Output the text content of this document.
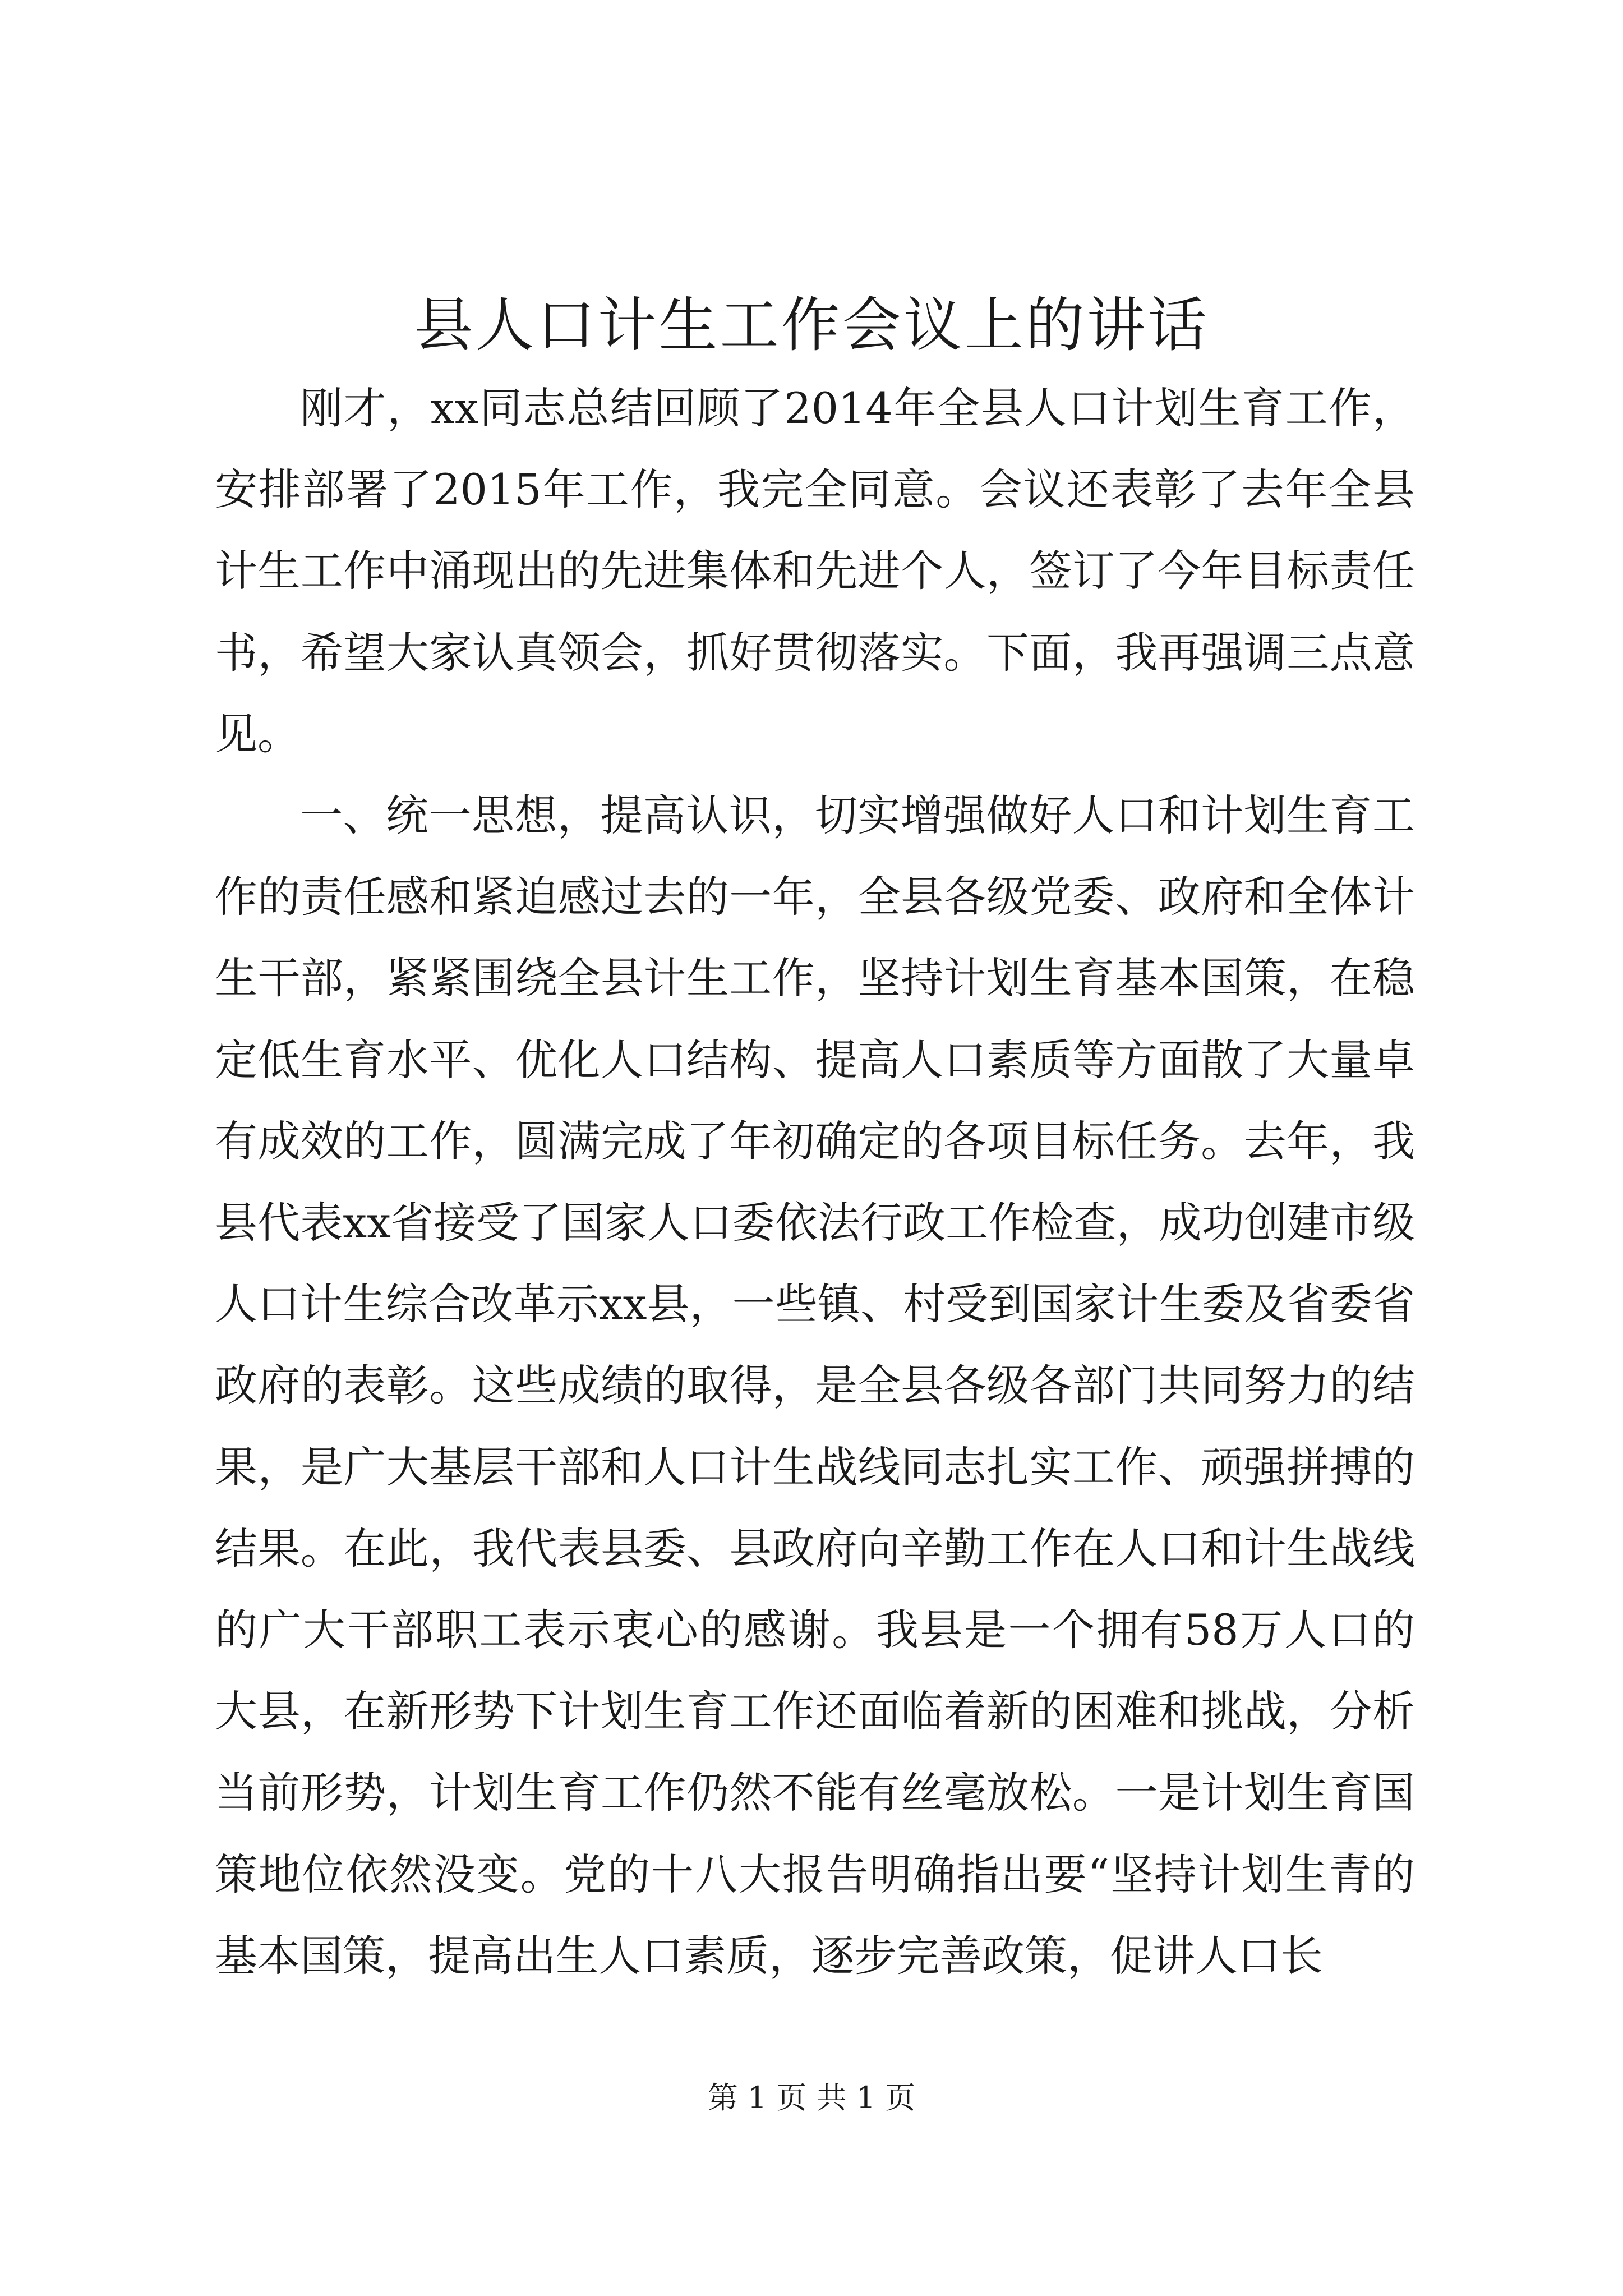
县人口计生工作会议上的讲话

刚才，xx同志总结回顾了2014年全县人口计划生育工作，安排部署了2015年工作，我完全同意。会议还表彰了去年全县计生工作中涌现出的先进集体和先进个人，签订了今年目标责任书，希望大家认真领会，抓好贯彻落实。下面，我再强调三点意见。

一、统一思想，提高认识，切实增强做好人口和计划生育工作的责任感和紧迫感过去的一年，全县各级党委、政府和全体计生干部，紧紧围绕全县计生工作，坚持计划生育基本国策，在稳定低生育水平、优化人口结构、提高人口素质等方面散了大量卓有成效的工作，圆满完成了年初确定的各项目标任务。去年，我县代表xx省接受了国家人口委依法行政工作检查，成功创建市级人口计生综合改革示xx县，一些镇、村受到国家计生委及省委省政府的表彰。这些成绩的取得，是全县各级各部门共同努力的结果，是广大基层干部和人口计生战线同志扎实工作、顽强拼搏的结果。在此，我代表县委、县政府向辛勤工作在人口和计生战线的广大干部职工表示衷心的感谢。我县是一个拥有58万人口的大县，在新形势下计划生育工作还面临着新的困难和挑战，分析当前形势，计划生育工作仍然不能有丝毫放松。一是计划生育国策地位依然没变。党的十八大报告明确指出要“坚持计划生青的基本国策，提高出生人口素质，逐步完善政策，促讲人口长

第 1 页 共 1 页
